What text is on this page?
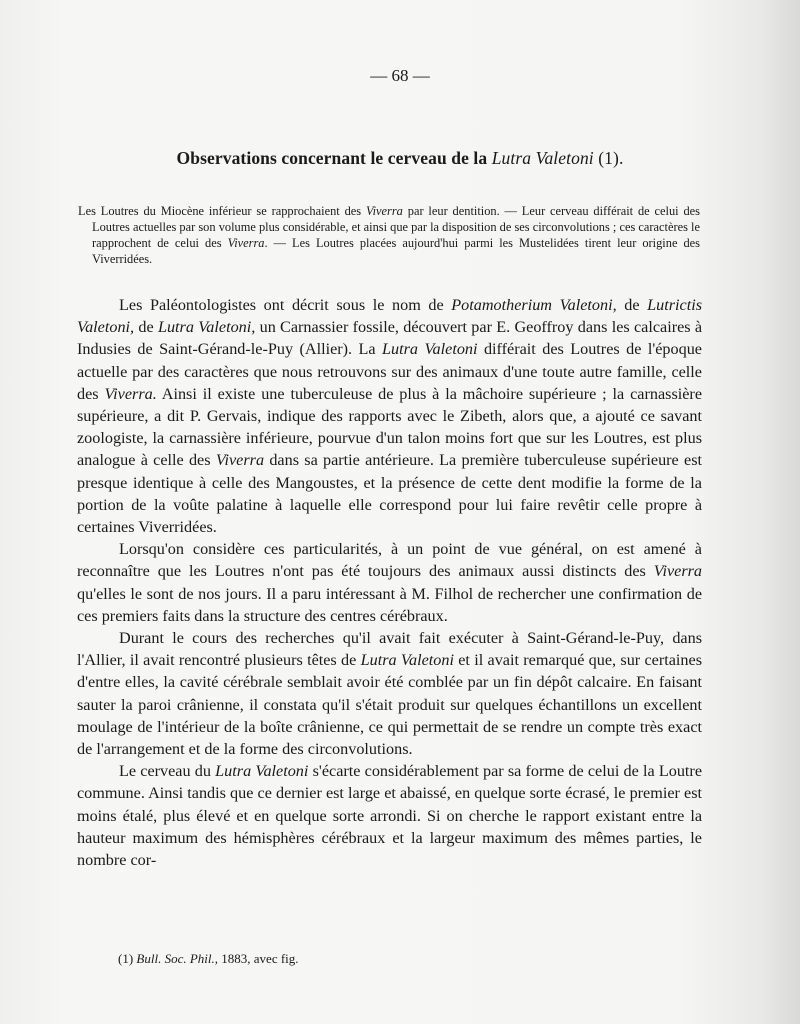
— 68 —
Observations concernant le cerveau de la Lutra Valetoni (1).

Les Loutres du Miocène inférieur se rapprochaient des Viverra par leur dentition. — Leur cerveau différait de celui des Loutres actuelles par son volume plus considérable, et ainsi que par la disposition de ses circonvolutions ; ces caractères le rapprochent de celui des Viverra. — Les Loutres placées aujourd'hui parmi les Mustelidées tirent leur origine des Viverridées.

Les Paléontologistes ont décrit sous le nom de Potamotherium Valetoni, de Lutrictis Valetoni, de Lutra Valetoni, un Carnassier fossile, découvert par E. Geoffroy dans les calcaires à Indusies de Saint-Gérand-le-Puy (Allier). La Lutra Valetoni différait des Loutres de l'époque actuelle par des caractères que nous retrouvons sur des animaux d'une toute autre famille, celle des Viverra. Ainsi il existe une tuberculeuse de plus à la mâchoire supérieure ; la carnassière supérieure, a dit P. Gervais, indique des rapports avec le Zibeth, alors que, a ajouté ce savant zoologiste, la carnassière inférieure, pourvue d'un talon moins fort que sur les Loutres, est plus analogue à celle des Viverra dans sa partie antérieure. La première tuberculeuse supérieure est presque identique à celle des Mangoustes, et la présence de cette dent modifie la forme de la portion de la voûte palatine à laquelle elle correspond pour lui faire revêtir celle propre à certaines Viverridées.

Lorsqu'on considère ces particularités, à un point de vue général, on est amené à reconnaître que les Loutres n'ont pas été toujours des animaux aussi distincts des Viverra qu'elles le sont de nos jours. Il a paru intéressant à M. Filhol de rechercher une confirmation de ces premiers faits dans la structure des centres cérébraux.

Durant le cours des recherches qu'il avait fait exécuter à Saint-Gérand-le-Puy, dans l'Allier, il avait rencontré plusieurs têtes de Lutra Valetoni et il avait remarqué que, sur certaines d'entre elles, la cavité cérébrale semblait avoir été comblée par un fin dépôt calcaire. En faisant sauter la paroi crânienne, il constata qu'il s'était produit sur quelques échantillons un excellent moulage de l'intérieur de la boîte crânienne, ce qui permettait de se rendre un compte très exact de l'arrangement et de la forme des circonvolutions.

Le cerveau du Lutra Valetoni s'écarte considérablement par sa forme de celui de la Loutre commune. Ainsi tandis que ce dernier est large et abaissé, en quelque sorte écrasé, le premier est moins étalé, plus élevé et en quelque sorte arrondi. Si on cherche le rapport existant entre la hauteur maximum des hémisphères cérébraux et la largeur maximum des mêmes parties, le nombre cor-

(1) Bull. Soc. Phil., 1883, avec fig.
